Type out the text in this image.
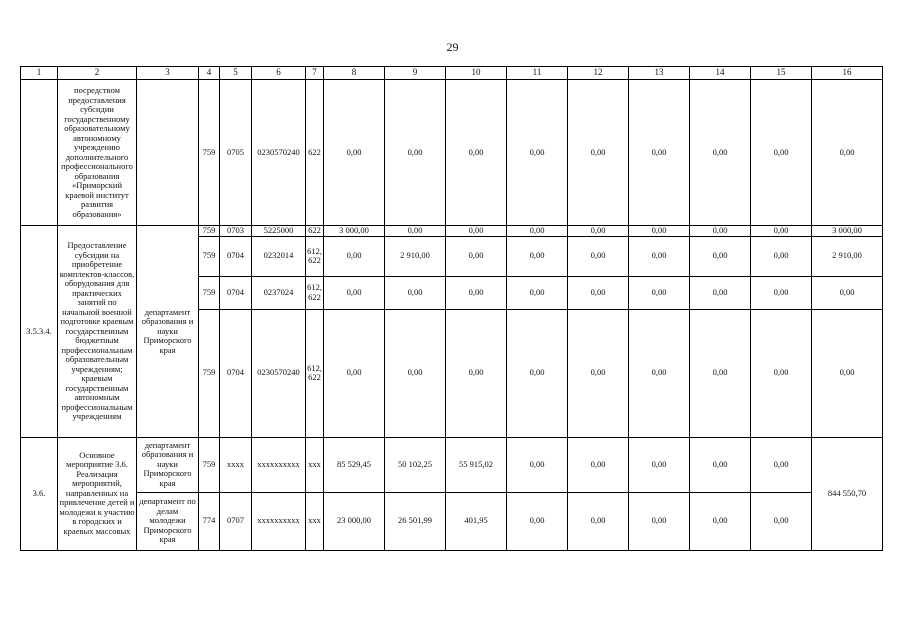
29
1	2	3	4	5	6	7	8	9	10	11	12	13	14	15	16
	посредством предоставления субсидии государственному образовательному автономному учреждению дополнительного профессионального образования «Приморский краевой институт развития образования»		759	0705	0230570240	622	0,00	0,00	0,00	0,00	0,00	0,00	0,00	0,00	0,00
3.5.3.4.	Предоставление субсидии на приобретение комплектов-классов, оборудования для практических занятий по начальной военной подготовке краевым государственным бюджетным профессиональным образовательным учреждениям; краевым государственным автономным профессиональным учреждениям	департамент образования и науки Приморского края	759	0703	5225000	622	3 000,00	0,00	0,00	0,00	0,00	0,00	0,00	0,00	3 000,00
			759	0704	0232014	612, 622	0,00	2 910,00	0,00	0,00	0,00	0,00	0,00	0,00	2 910,00
			759	0704	0237024	612, 622	0,00	0,00	0,00	0,00	0,00	0,00	0,00	0,00	0,00
			759	0704	0230570240	612, 622	0,00	0,00	0,00	0,00	0,00	0,00	0,00	0,00	0,00
3.6.	Основное мероприятие 3.6. Реализация мероприятий, направленных на привлечение детей и молодежи к участию в городских и краевых массовых	департамент образования и науки Приморского края	759	xxxx	xxxxxxxxxx	xxx	85 529,45	50 102,25	55 915,02	0,00	0,00	0,00	0,00	0,00	844 550,70
		департамент по делам молодежи Приморского края	774	0707	xxxxxxxxxx	xxx	23 000,00	26 501,99	401,95	0,00	0,00	0,00	0,00	0,00	
